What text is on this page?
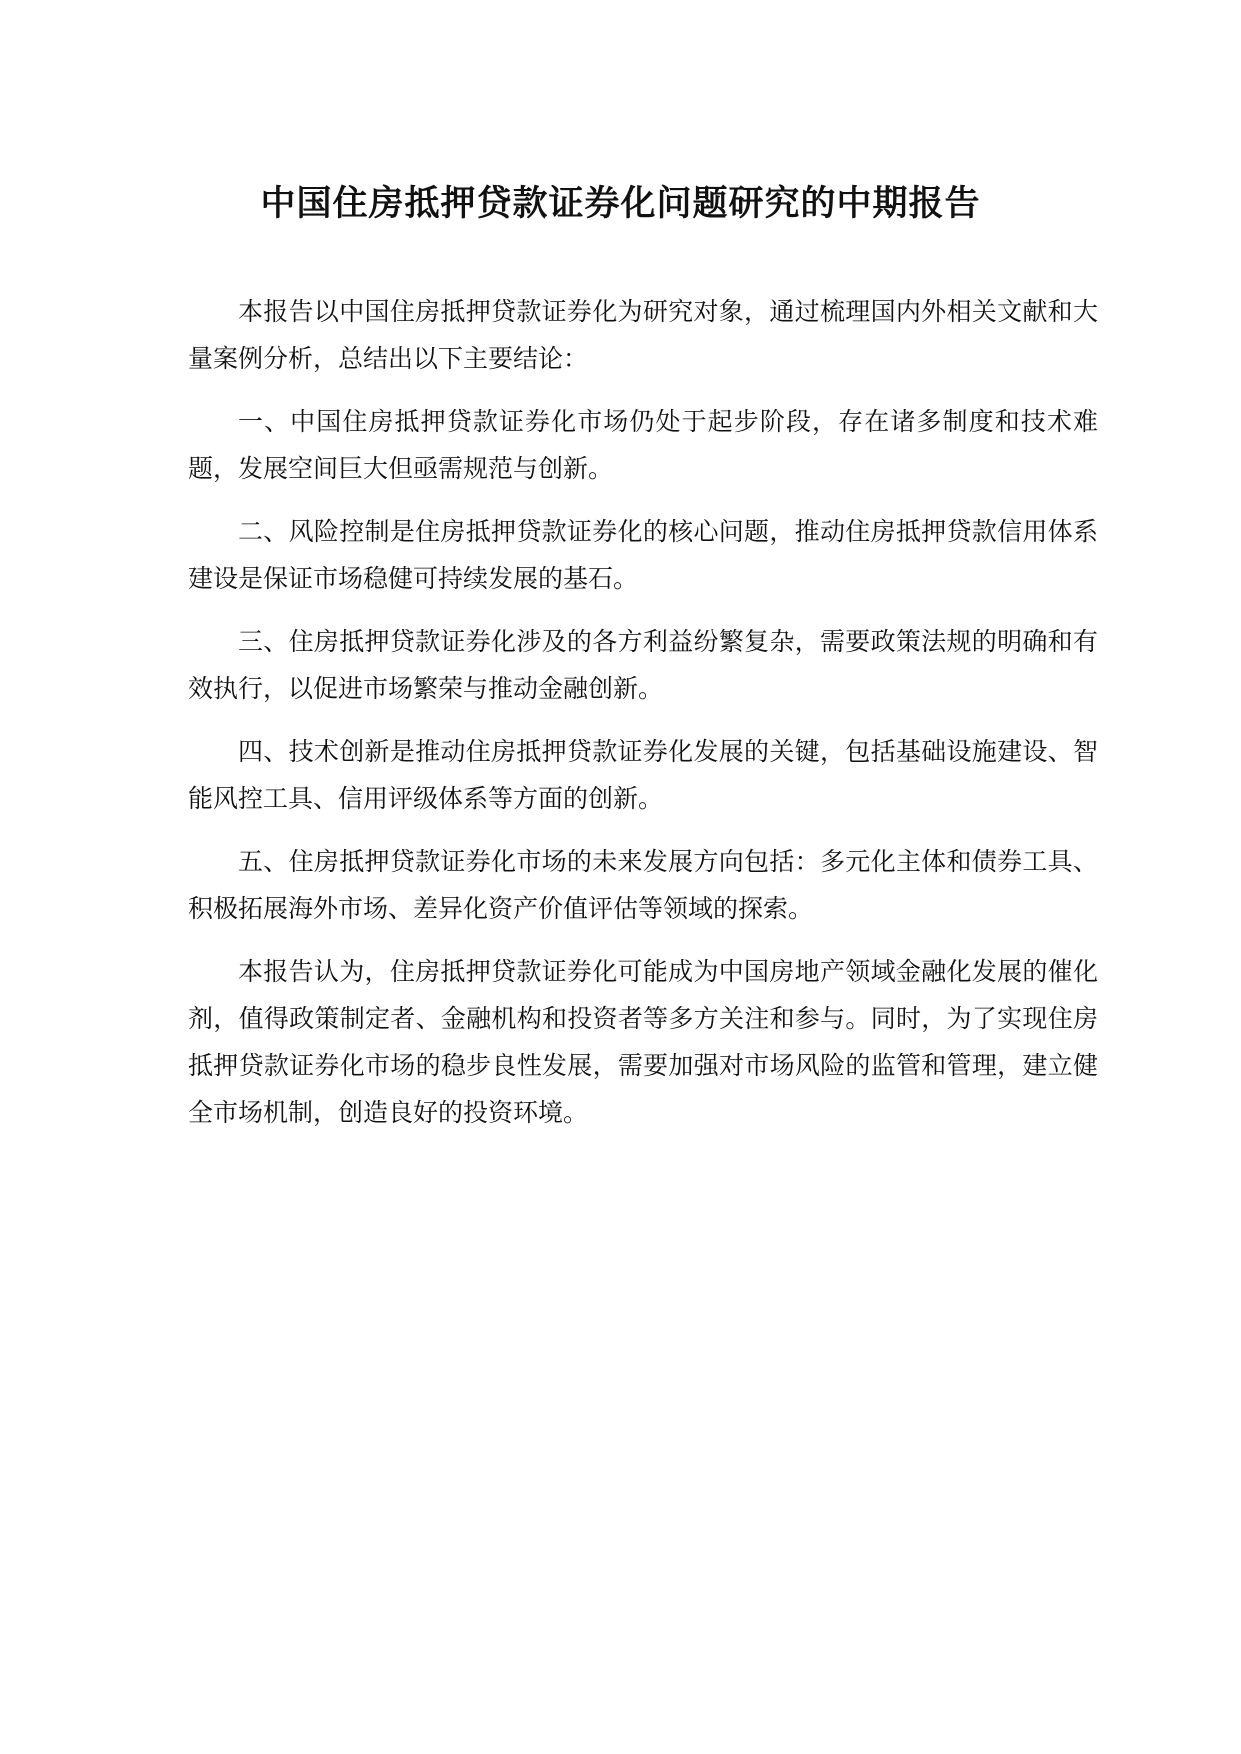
中国住房抵押贷款证券化问题研究的中期报告

本报告以中国住房抵押贷款证券化为研究对象，通过梳理国内外相关文献和大量案例分析，总结出以下主要结论：

一、中国住房抵押贷款证券化市场仍处于起步阶段，存在诸多制度和技术难题，发展空间巨大但亟需规范与创新。

二、风险控制是住房抵押贷款证券化的核心问题，推动住房抵押贷款信用体系建设是保证市场稳健可持续发展的基石。

三、住房抵押贷款证券化涉及的各方利益纷繁复杂，需要政策法规的明确和有效执行，以促进市场繁荣与推动金融创新。

四、技术创新是推动住房抵押贷款证券化发展的关键，包括基础设施建设、智能风控工具、信用评级体系等方面的创新。

五、住房抵押贷款证券化市场的未来发展方向包括：多元化主体和债券工具、积极拓展海外市场、差异化资产价值评估等领域的探索。

本报告认为，住房抵押贷款证券化可能成为中国房地产领域金融化发展的催化剂，值得政策制定者、金融机构和投资者等多方关注和参与。同时，为了实现住房抵押贷款证券化市场的稳步良性发展，需要加强对市场风险的监管和管理，建立健全市场机制，创造良好的投资环境。
